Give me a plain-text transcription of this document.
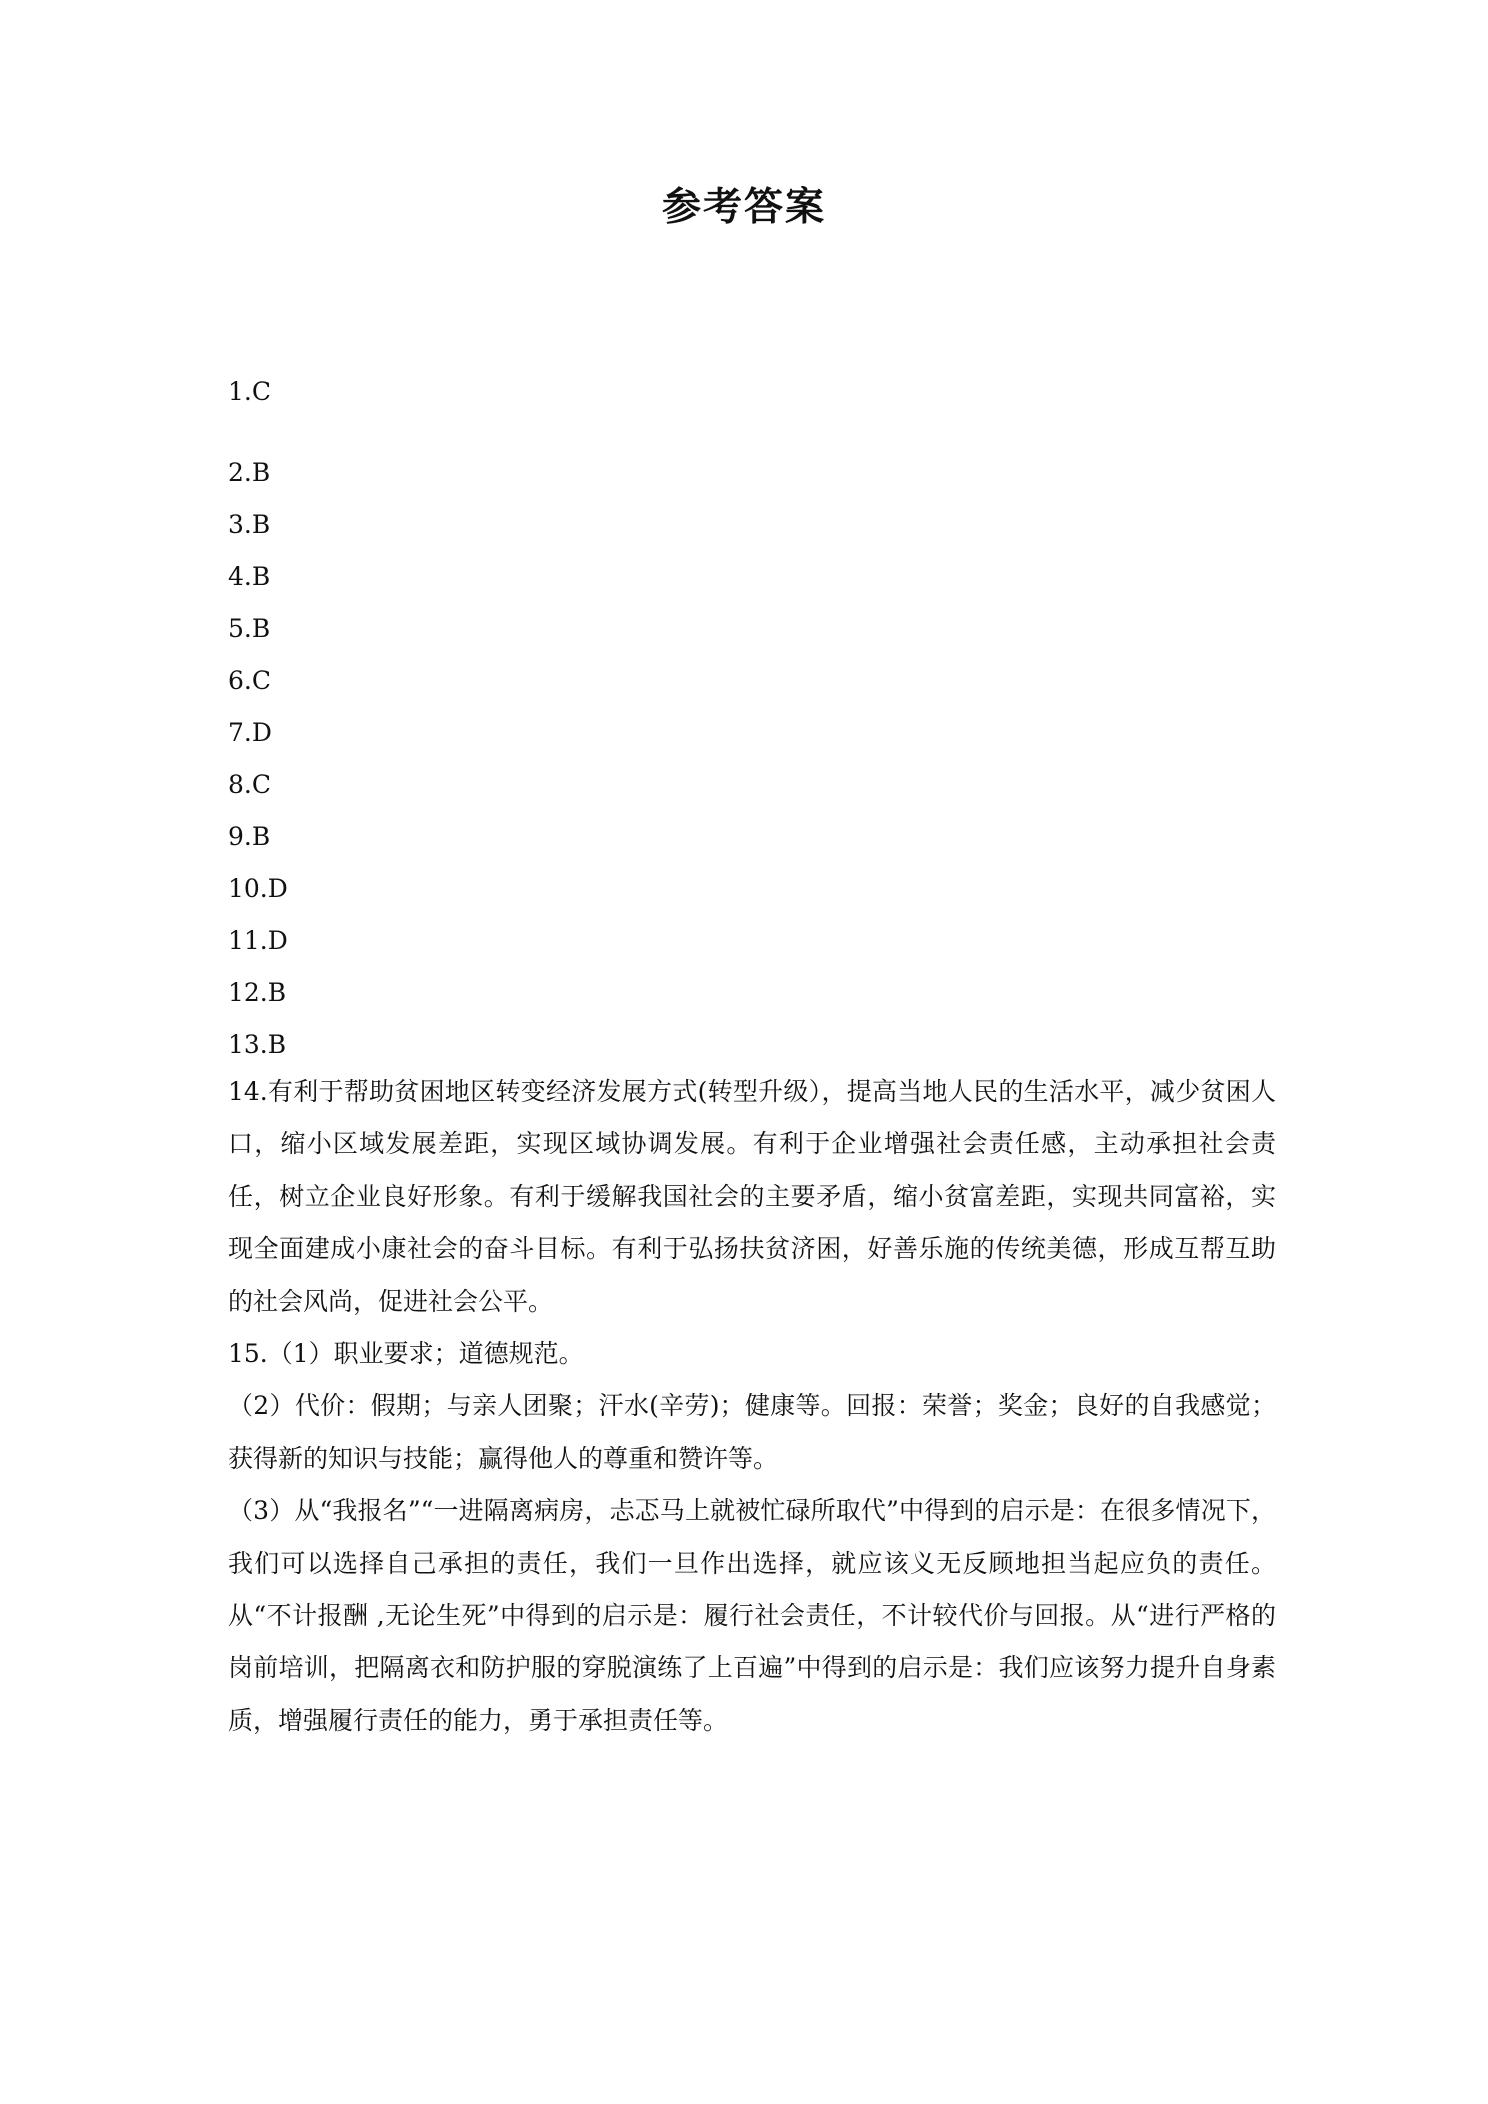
参考答案
1.C
2.B
3.B
4.B
5.B
6.C
7.D
8.C
9.B
10.D
11.D
12.B
13.B

14.有利于帮助贫困地区转变经济发展方式(转型升级），提高当地人民的生活水平，减少贫困人口，缩小区域发展差距，实现区域协调发展。有利于企业增强社会责任感，主动承担社会责任，树立企业良好形象。有利于缓解我国社会的主要矛盾，缩小贫富差距，实现共同富裕，实现全面建成小康社会的奋斗目标。有利于弘扬扶贫济困，好善乐施的传统美德，形成互帮互助的社会风尚，促进社会公平。

15.（1）职业要求；道德规范。
（2）代价：假期；与亲人团聚；汗水(辛劳)；健康等。回报：荣誉；奖金；良好的自我感觉；获得新的知识与技能；赢得他人的尊重和赞许等。
（3）从“我报名”“一进隔离病房，忐忑马上就被忙碌所取代”中得到的启示是：在很多情况下，我们可以选择自己承担的责任，我们一旦作出选择，就应该义无反顾地担当起应负的责任。从“不计报酬 ,无论生死”中得到的启示是：履行社会责任，不计较代价与回报。从“进行严格的岗前培训，把隔离衣和防护服的穿脱演练了上百遍”中得到的启示是：我们应该努力提升自身素质，增强履行责任的能力，勇于承担责任等。
